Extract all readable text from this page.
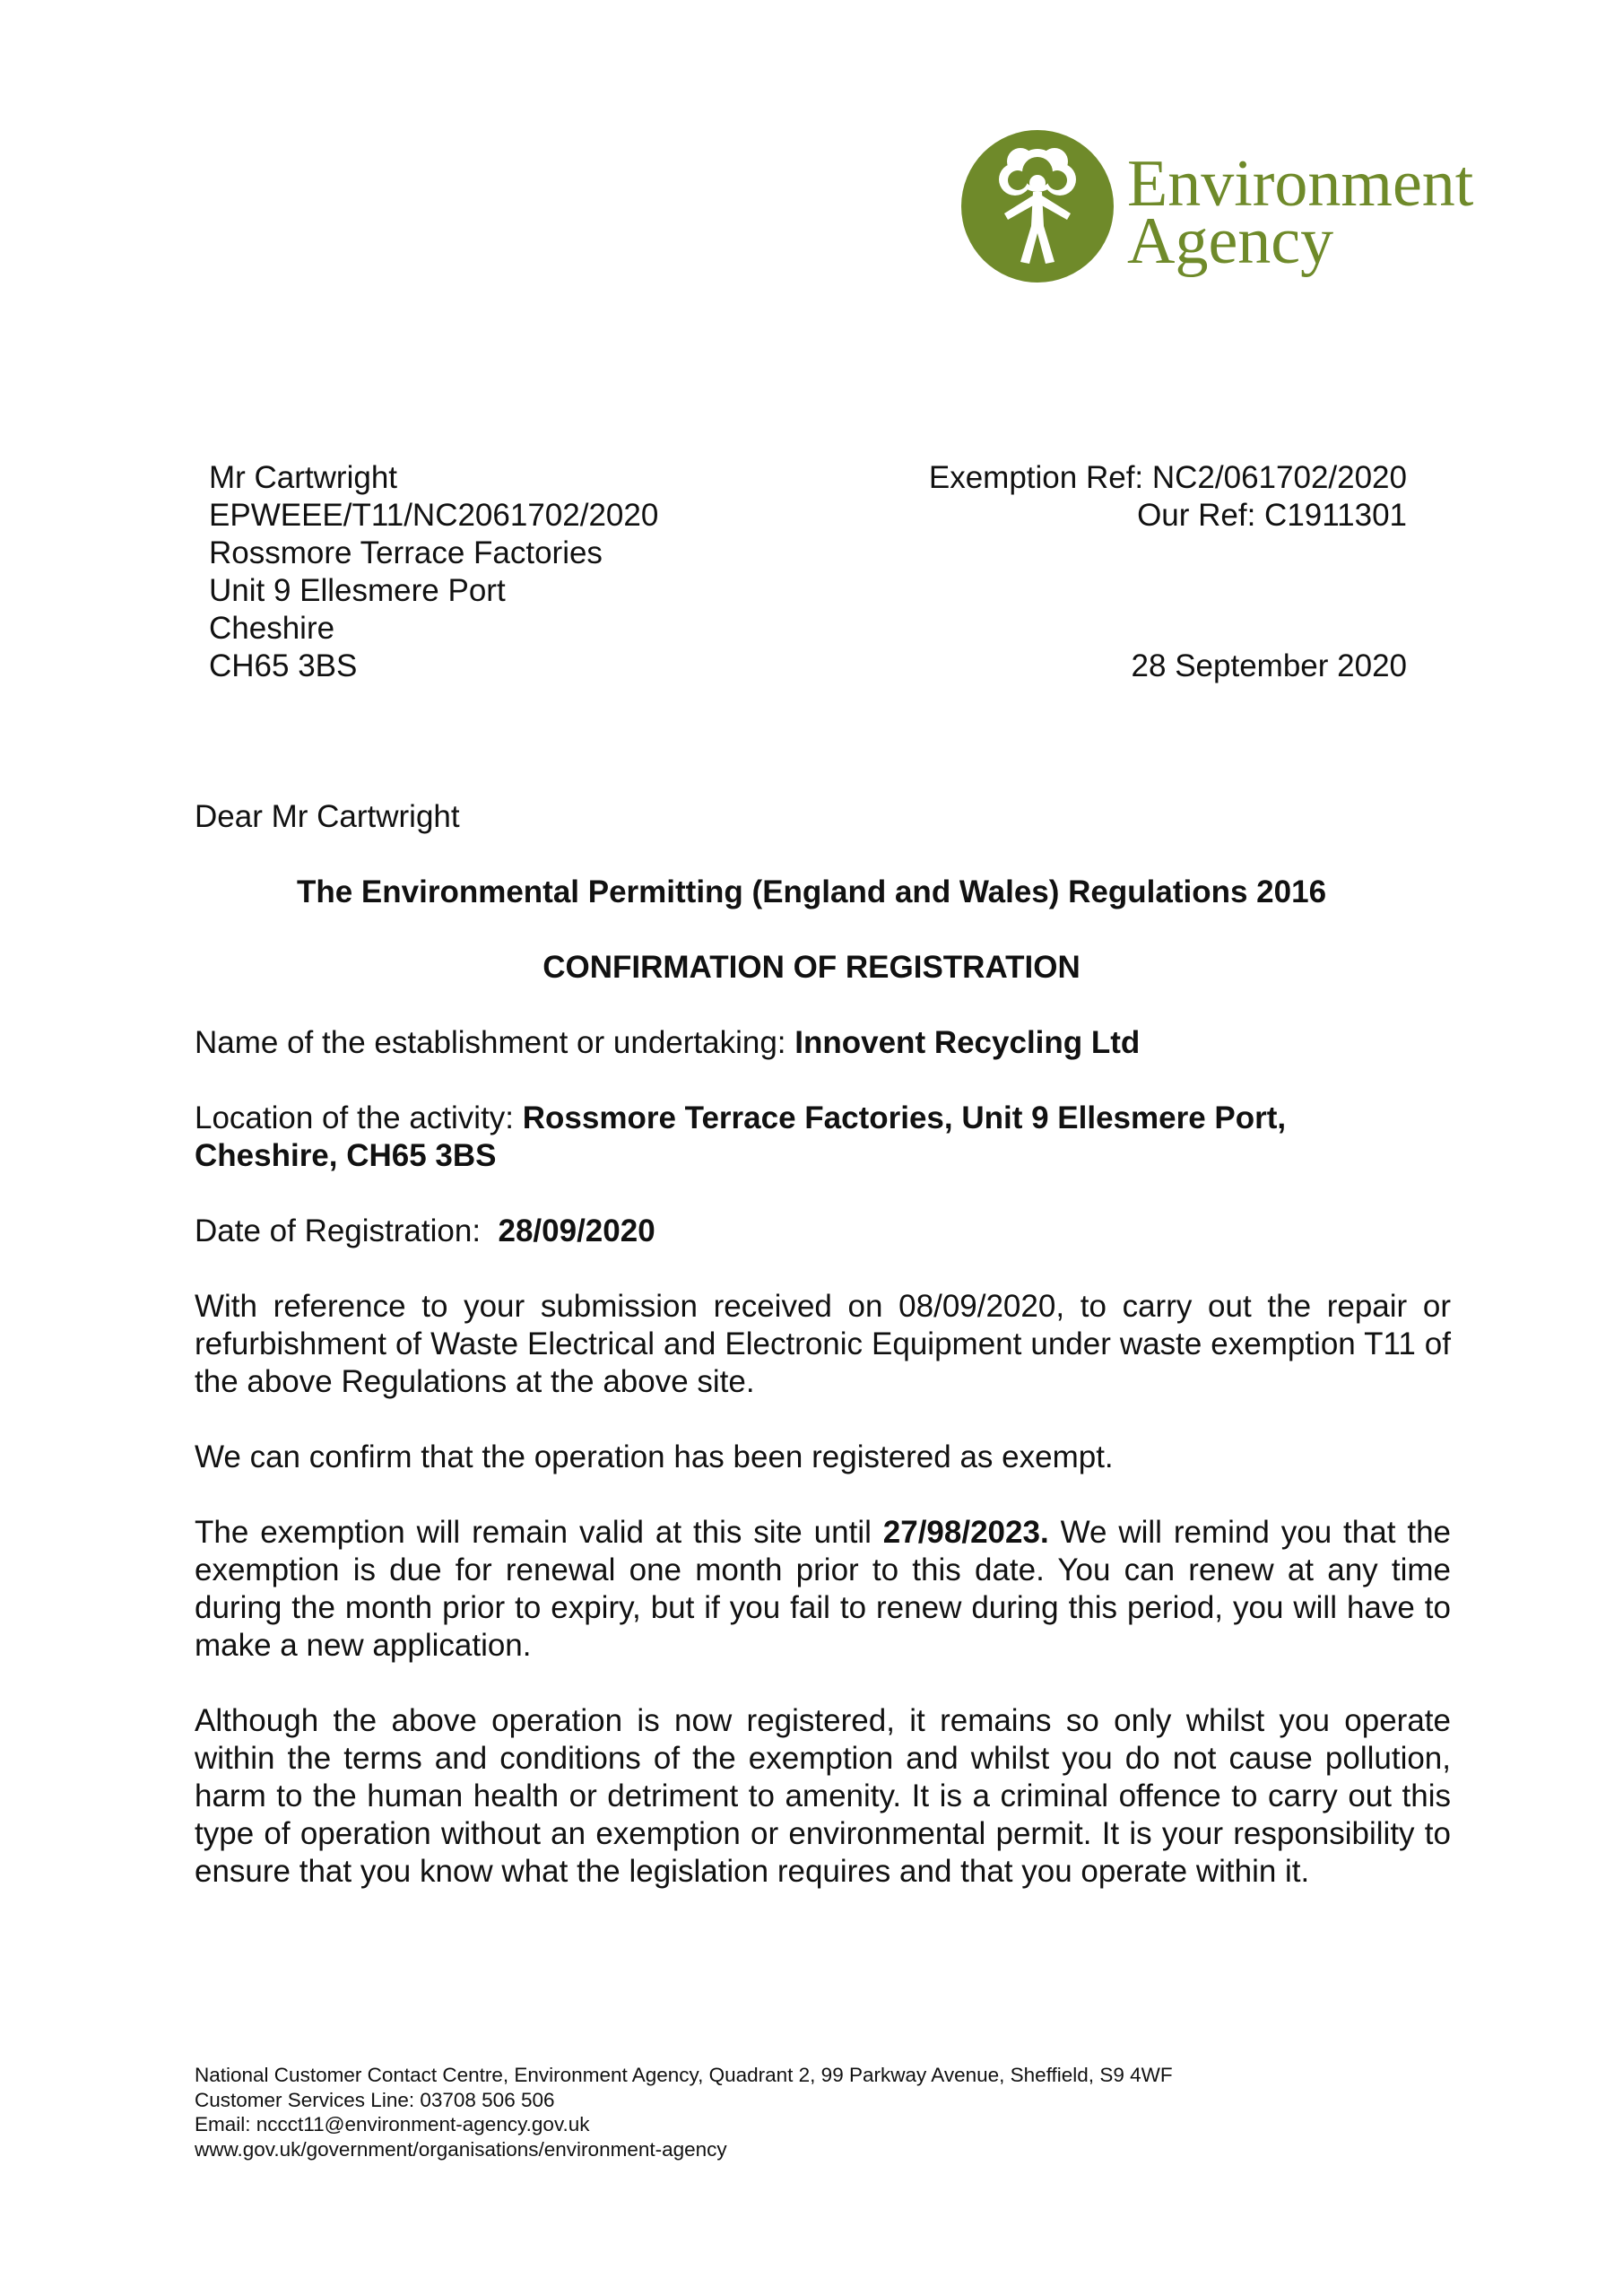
Environment
Agency
Mr Cartwright
EPWEEE/T11/NC2061702/2020
Rossmore Terrace Factories
Unit 9 Ellesmere Port
Cheshire
CH65 3BS
Exemption Ref: NC2/061702/2020
Our Ref: C1911301
28 September 2020
Dear Mr Cartwright
The Environmental Permitting (England and Wales) Regulations 2016
CONFIRMATION OF REGISTRATION
Name of the establishment or undertaking: Innovent Recycling Ltd
Location of the activity: Rossmore Terrace Factories, Unit 9 Ellesmere Port, Cheshire, CH65 3BS
Date of Registration:  28/09/2020
With reference to your submission received on 08/09/2020, to carry out the repair or refurbishment of Waste Electrical and Electronic Equipment under waste exemption T11 of the above Regulations at the above site.
We can confirm that the operation has been registered as exempt.
The exemption will remain valid at this site until 27/98/2023. We will remind you that the exemption is due for renewal one month prior to this date. You can renew at any time during the month prior to expiry, but if you fail to renew during this period, you will have to make a new application.
Although the above operation is now registered, it remains so only whilst you operate within the terms and conditions of the exemption and whilst you do not cause pollution, harm to the human health or detriment to amenity. It is a criminal offence to carry out this type of operation without an exemption or environmental permit. It is your responsibility to ensure that you know what the legislation requires and that you operate within it.
National Customer Contact Centre, Environment Agency, Quadrant 2, 99 Parkway Avenue, Sheffield, S9 4WF
Customer Services Line: 03708 506 506
Email: nccct11@environment-agency.gov.uk
www.gov.uk/government/organisations/environment-agency
